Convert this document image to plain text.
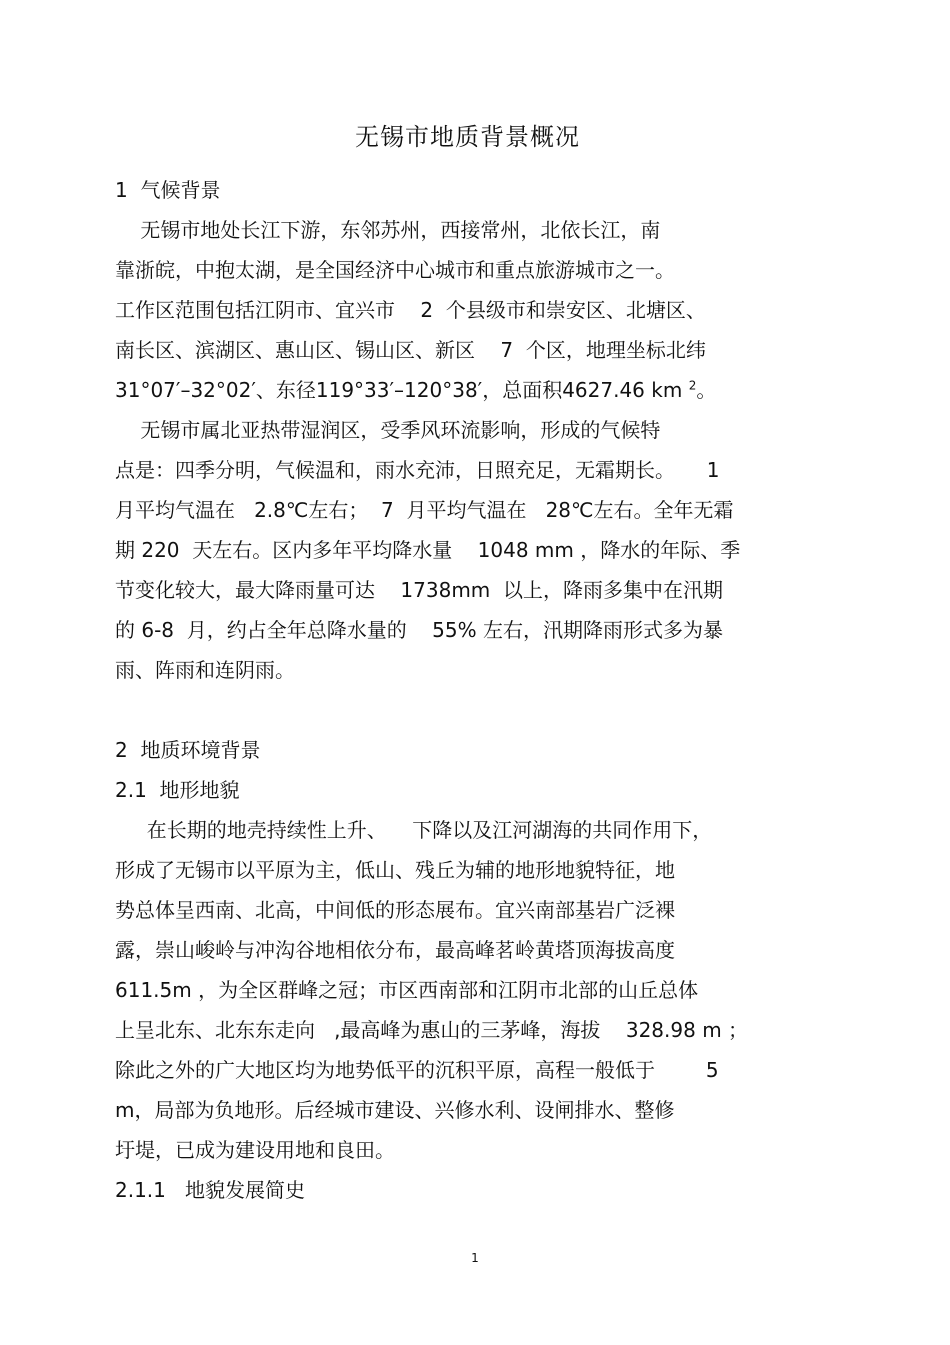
无锡市地质背景概况
1  气候背景
无锡市地处长江下游，东邻苏州，西接常州，北依长江，南
靠浙皖，中抱太湖，是全国经济中心城市和重点旅游城市之一。
工作区范围包括江阴市、宜兴市    2  个县级市和崇安区、北塘区、
南长区、滨湖区、惠山区、锡山区、新区    7  个区，地理坐标北纬
31°07′–32°02′、东径119°33′–120°38′，总面积4627.46 km $^2$。
无锡市属北亚热带湿润区，受季风环流影响，形成的气候特
点是：四季分明，气候温和，雨水充沛，日照充足，无霜期长。     1
月平均气温在   2.8℃左右；  7  月平均气温在   28℃左右。全年无霜
期 220  天左右。区内多年平均降水量    1048 mm ，降水的年际、季
节变化较大，最大降雨量可达    1738mm  以上，降雨多集中在汛期
的 6-8  月，约占全年总降水量的    55% 左右，汛期降雨形式多为暴
雨、阵雨和连阴雨。
2  地质环境背景
2.1  地形地貌
在长期的地壳持续性上升、    下降以及江河湖海的共同作用下，
形成了无锡市以平原为主，低山、残丘为辅的地形地貌特征，地
势总体呈西南、北高，中间低的形态展布。宜兴南部基岩广泛裸
露，崇山峻岭与冲沟谷地相依分布，最高峰茗岭黄塔顶海拔高度
611.5m ，为全区群峰之冠；市区西南部和江阴市北部的山丘总体
上呈北东、北东东走向   ,最高峰为惠山的三茅峰，海拔    328.98 m ；
除此之外的广大地区均为地势低平的沉积平原，高程一般低于        5
m，局部为负地形。后经城市建设、兴修水利、设闸排水、整修
圩堤，已成为建设用地和良田。
2.1.1   地貌发展简史
1
